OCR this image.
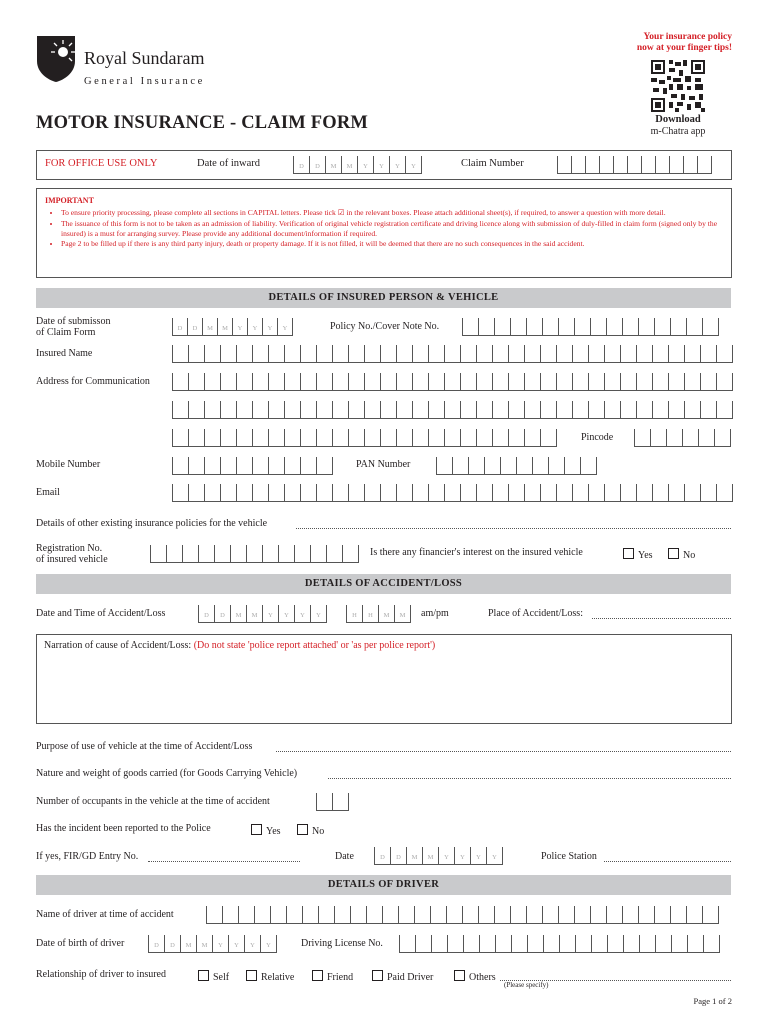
Royal Sundaram
General Insurance
Your insurance policy
now at your finger tips!
Download
m-Chatra app
MOTOR INSURANCE - CLAIM FORM
FOR OFFICE USE ONLY	Date of inward	D	D	M	M	Y	Y	Y	Y	Claim Number
IMPORTANT
• To ensure priority processing, please complete all sections in CAPITAL letters. Please tick ☑ in the relevant boxes. Please attach additional sheet(s), if required, to answer a question with more detail.
• The issuance of this form is not to be taken as an admission of liability. Verification of original vehicle registration certificate and driving licence along with submission of duly-filled in claim form (signed only by the insured) is a must for arranging survey. Please provide any additional document/information if required.
• Page 2 to be filled up if there is any third party injury, death or property damage. If it is not filled, it will be deemed that there are no such consequences in the said accident.
DETAILS OF INSURED PERSON & VEHICLE
Date of submisson
of Claim Form	D	D	M	M	Y	Y	Y	Y	Policy No./Cover Note No.
Insured Name
Address for Communication
Pincode
Mobile Number	PAN Number
Email
Details of other existing insurance policies for the vehicle
Registration No.
of insured vehicle
Is there any financier's interest on the insured vehicle	Yes	No
DETAILS OF ACCIDENT/LOSS
Date and Time of Accident/Loss	D	D	M	M	Y	Y	Y	Y	H	H	M	M	am/pm	Place of Accident/Loss:
Narration of cause of Accident/Loss: (Do not state 'police report attached' or 'as per police report')
Purpose of use of vehicle at the time of Accident/Loss
Nature and weight of goods carried (for Goods Carrying Vehicle)
Number of occupants in the vehicle at the time of accident
Has the incident been reported to the Police	Yes	No
If yes, FIR/GD Entry No.	Date	D	D	M	M	Y	Y	Y	Y	Police Station
DETAILS OF DRIVER
Name of driver at time of accident
Date of birth of driver	D	D	M	M	Y	Y	Y	Y	Driving License No.
Relationship of driver to insured	Self	Relative	Friend	Paid Driver	Others
(Please specify)
Page 1 of 2
